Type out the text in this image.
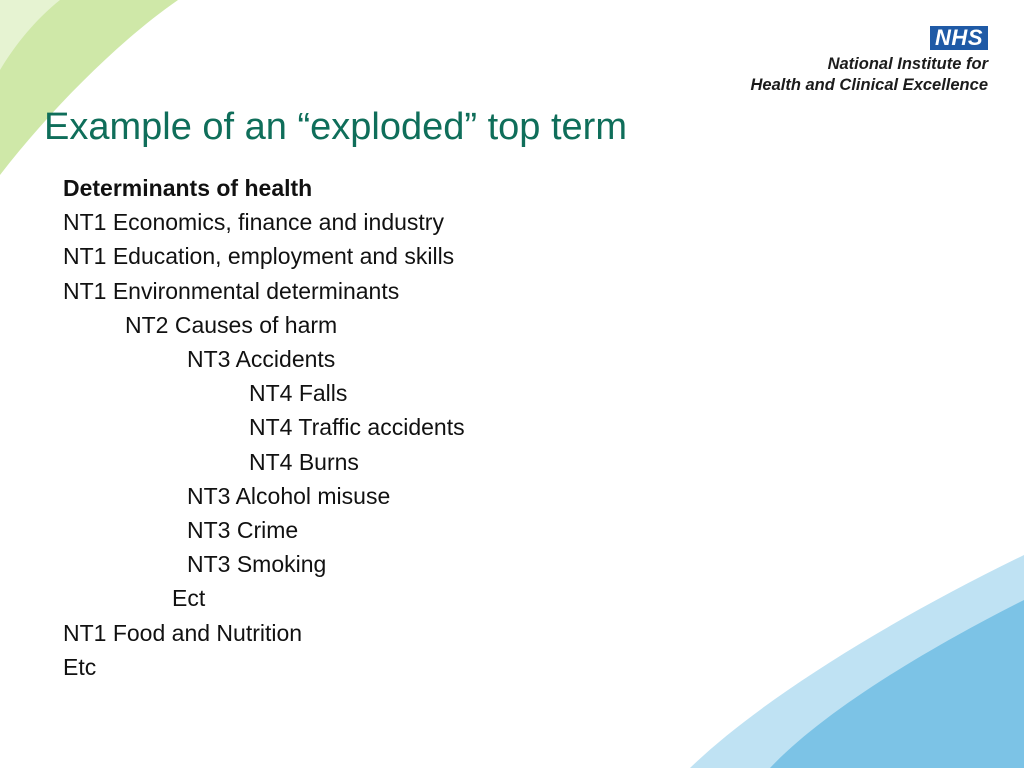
NHS
National Institute for
Health and Clinical Excellence
Example of an “exploded” top term
Determinants of health
NT1 Economics, finance and industry
NT1 Education, employment and skills
NT1 Environmental determinants
NT2 Causes of harm
NT3 Accidents
NT4 Falls
NT4 Traffic accidents
NT4 Burns
NT3 Alcohol misuse
NT3 Crime
NT3 Smoking
Ect
NT1 Food and Nutrition
Etc
